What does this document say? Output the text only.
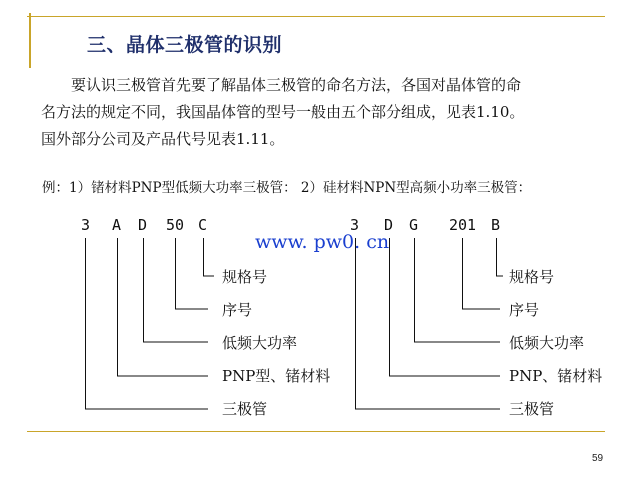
三、晶体三极管的识别

要认识三极管首先要了解晶体三极管的命名方法，各国对晶体管的命

名方法的规定不同，我国晶体管的型号一般由五个部分组成，见表1.10。

国外部分公司及产品代号见表1.11。

例：1）锗材料PNP型低频大功率三极管： 2）硅材料NPN型高频小功率三极管：
3 A D 50 C
规格号
序号
低频大功率
PNP型、锗材料
三极管
3 D G 201 B
规格号
序号
低频大功率
PNP、锗材料
三极管
www. pw0. cn
59
